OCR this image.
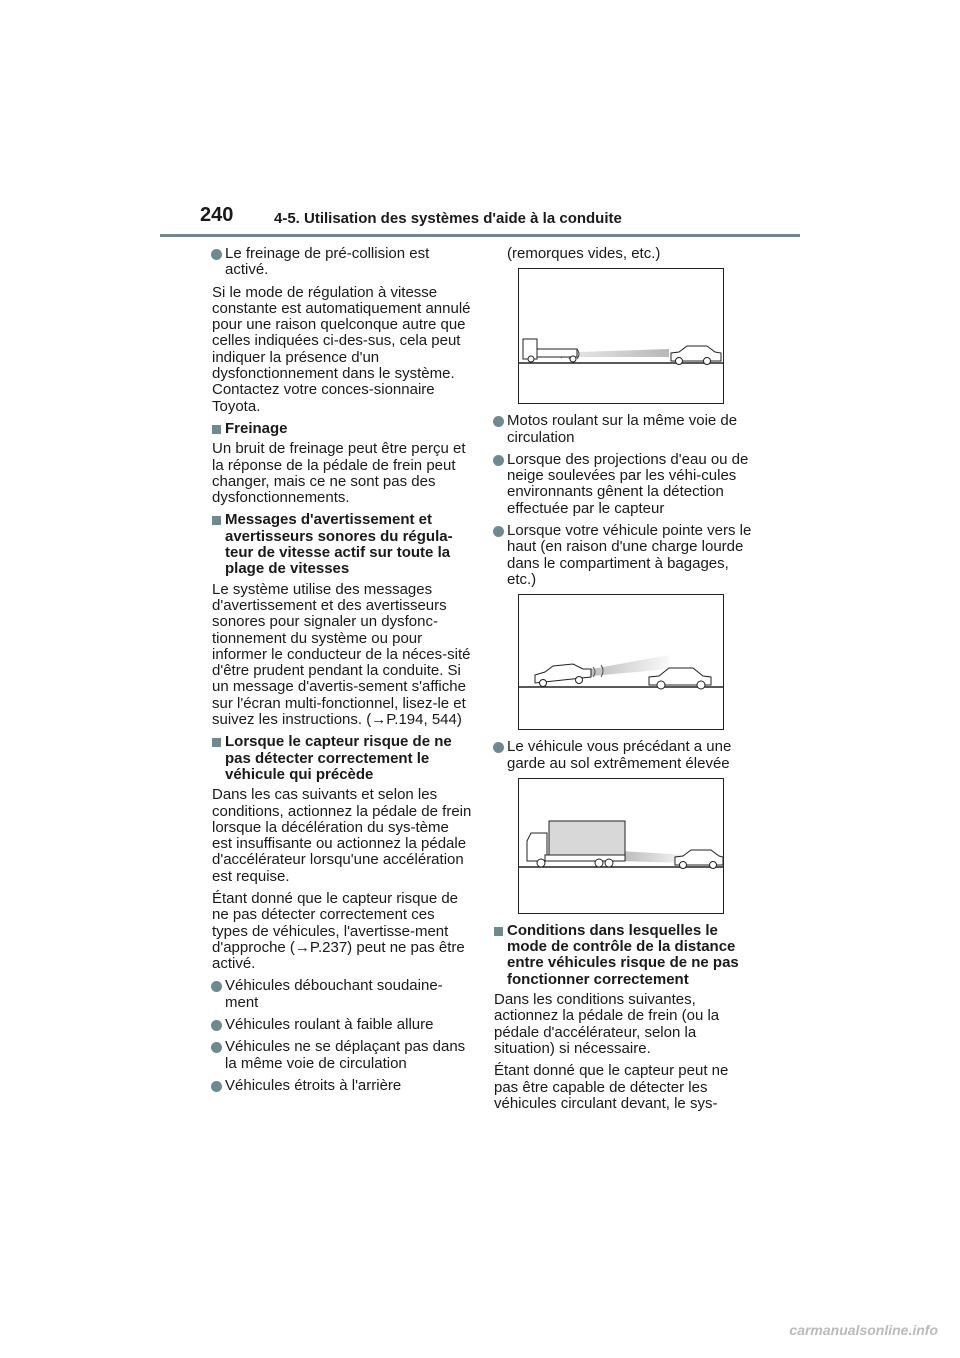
240	4-5. Utilisation des systèmes d'aide à la conduite
Le freinage de pré-collision est activé.

Si le mode de régulation à vitesse constante est automatiquement annulé pour une raison quelconque autre que celles indiquées ci-des-sus, cela peut indiquer la présence d'un dysfonctionnement dans le système. Contactez votre conces-sionnaire Toyota.

Freinage

Un bruit de freinage peut être perçu et la réponse de la pédale de frein peut changer, mais ce ne sont pas des dysfonctionnements.

Messages d'avertissement et avertisseurs sonores du régula-teur de vitesse actif sur toute la plage de vitesses

Le système utilise des messages d'avertissement et des avertisseurs sonores pour signaler un dysfonc-tionnement du système ou pour informer le conducteur de la néces-sité d'être prudent pendant la conduite. Si un message d'avertis-sement s'affiche sur l'écran multi-fonctionnel, lisez-le et suivez les instructions. (→P.194, 544)

Lorsque le capteur risque de ne pas détecter correctement le véhicule qui précède

Dans les cas suivants et selon les conditions, actionnez la pédale de frein lorsque la décélération du sys-tème est insuffisante ou actionnez la pédale d'accélérateur lorsqu'une accélération est requise.

Étant donné que le capteur risque de ne pas détecter correctement ces types de véhicules, l'avertisse-ment d'approche (→P.237) peut ne pas être activé.

Véhicules débouchant soudaine-ment
Véhicules roulant à faible allure
Véhicules ne se déplaçant pas dans la même voie de circulation
Véhicules étroits à l'arrière

(remorques vides, etc.)

Motos roulant sur la même voie de circulation
Lorsque des projections d'eau ou de neige soulevées par les véhi-cules environnants gênent la détection effectuée par le capteur
Lorsque votre véhicule pointe vers le haut (en raison d'une charge lourde dans le compartiment à bagages, etc.)
Le véhicule vous précédant a une garde au sol extrêmement élevée
Conditions dans lesquelles le mode de contrôle de la distance entre véhicules risque de ne pas fonctionner correctement

Dans les conditions suivantes, actionnez la pédale de frein (ou la pédale d'accélérateur, selon la situation) si nécessaire.

Étant donné que le capteur peut ne pas être capable de détecter les véhicules circulant devant, le sys-

carmanualsonline.info
